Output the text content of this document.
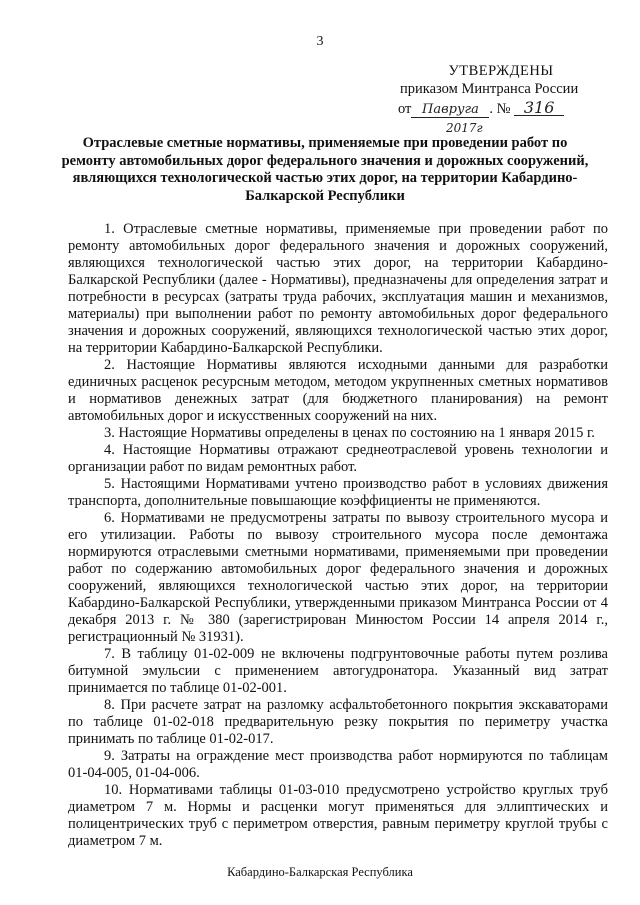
3
УТВЕРЖДЕНЫ
приказом Минтранса России
от Павруга . № 316
2017г
Отраслевые сметные нормативы, применяемые при проведении работ по ремонту автомобильных дорог федерального значения и дорожных сооружений, являющихся технологической частью этих дорог, на территории Кабардино-Балкарской Республики

1. Отраслевые сметные нормативы, применяемые при проведении работ по ремонту автомобильных дорог федерального значения и дорожных сооружений, являющихся технологической частью этих дорог, на территории Кабардино-Балкарской Республики (далее - Нормативы), предназначены для определения затрат и потребности в ресурсах (затраты труда рабочих, эксплуатация машин и механизмов, материалы) при выполнении работ по ремонту автомобильных дорог федерального значения и дорожных сооружений, являющихся технологической частью этих дорог, на территории Кабардино-Балкарской Республики.

2. Настоящие Нормативы являются исходными данными для разработки единичных расценок ресурсным методом, методом укрупненных сметных нормативов и нормативов денежных затрат (для бюджетного планирования) на ремонт автомобильных дорог и искусственных сооружений на них.

3. Настоящие Нормативы определены в ценах по состоянию на 1 января 2015 г.

4. Настоящие Нормативы отражают среднеотраслевой уровень технологии и организации работ по видам ремонтных работ.

5. Настоящими Нормативами учтено производство работ в условиях движения транспорта, дополнительные повышающие коэффициенты не применяются.

6. Нормативами не предусмотрены затраты по вывозу строительного мусора и его утилизации. Работы по вывозу строительного мусора после демонтажа нормируются отраслевыми сметными нормативами, применяемыми при проведении работ по содержанию автомобильных дорог федерального значения и дорожных сооружений, являющихся технологической частью этих дорог, на территории Кабардино-Балкарской Республики, утвержденными приказом Минтранса России от 4 декабря 2013 г. № 380 (зарегистрирован Минюстом России 14 апреля 2014 г., регистрационный № 31931).

7. В таблицу 01-02-009 не включены подгрунтовочные работы путем розлива битумной эмульсии с применением автогудронатора. Указанный вид затрат принимается по таблице 01-02-001.

8. При расчете затрат на разломку асфальтобетонного покрытия экскаваторами по таблице 01-02-018 предварительную резку покрытия по периметру участка принимать по таблице 01-02-017.

9. Затраты на ограждение мест производства работ нормируются по таблицам 01-04-005, 01-04-006.

10. Нормативами таблицы 01-03-010 предусмотрено устройство круглых труб диаметром 7 м. Нормы и расценки могут применяться для эллиптических и полицентрических труб с периметром отверстия, равным периметру круглой трубы с диаметром 7 м.

Кабардино-Балкарская Республика
